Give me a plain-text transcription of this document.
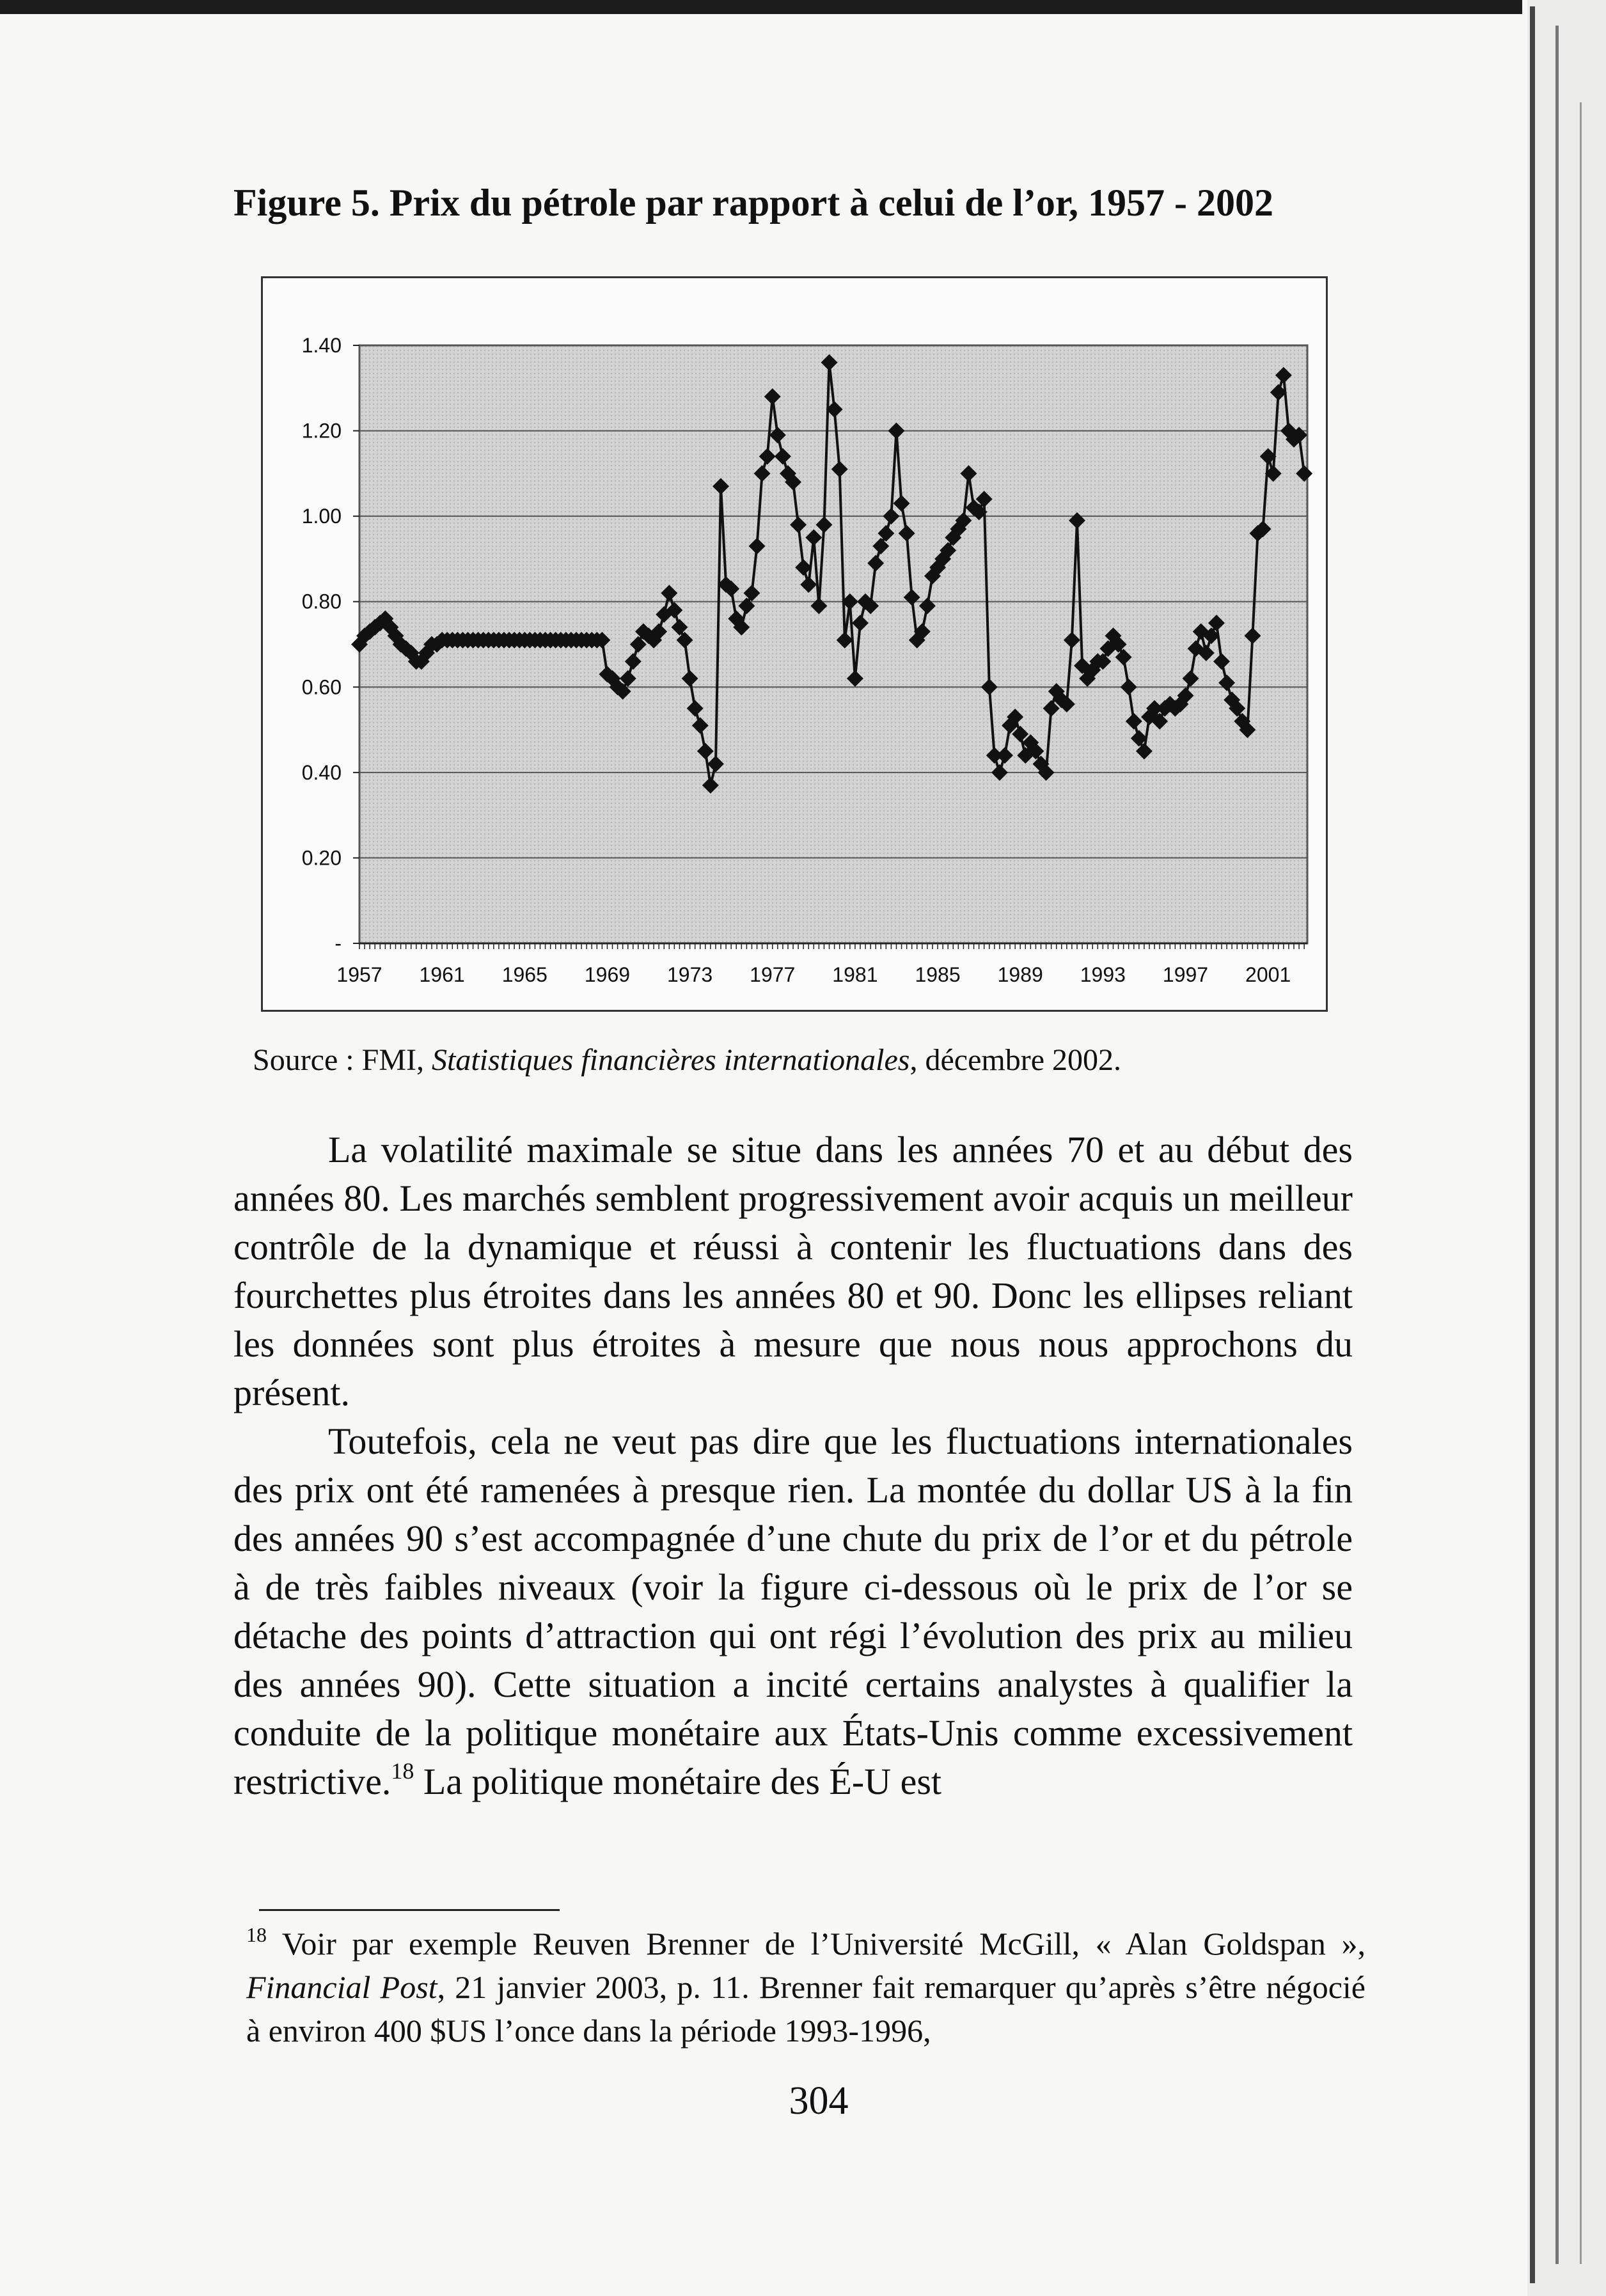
Figure 5. Prix du pétrole par rapport à celui de l’or, 1957 - 2002
-
0.20
0.40
0.60
0.80
1.00
1.20
1.40
1957 1961 1965 1969 1973 1977 1981 1985 1989 1993 1997 2001
Source : FMI, Statistiques financières internationales, décembre 2002.

La volatilité maximale se situe dans les années 70 et au début des années 80. Les marchés semblent progressivement avoir acquis un meilleur contrôle de la dynamique et réussi à contenir les fluctuations dans des fourchettes plus étroites dans les années 80 et 90. Donc les ellipses reliant les données sont plus étroites à mesure que nous nous approchons du présent.

Toutefois, cela ne veut pas dire que les fluctuations internationales des prix ont été ramenées à presque rien. La montée du dollar US à la fin des années 90 s’est accompagnée d’une chute du prix de l’or et du pétrole à de très faibles niveaux (voir la figure ci-dessous où le prix de l’or se détache des points d’attraction qui ont régi l’évolution des prix au milieu des années 90). Cette situation a incité certains analystes à qualifier la conduite de la politique monétaire aux États-Unis comme excessivement restrictive.$^{18}$ La politique monétaire des É-U est

$^{18}$ Voir par exemple Reuven Brenner de l’Université McGill, « Alan Goldspan », Financial Post, 21 janvier 2003, p. 11. Brenner fait remarquer qu’après s’être négocié à environ 400 $US l’once dans la période 1993-1996,
304
